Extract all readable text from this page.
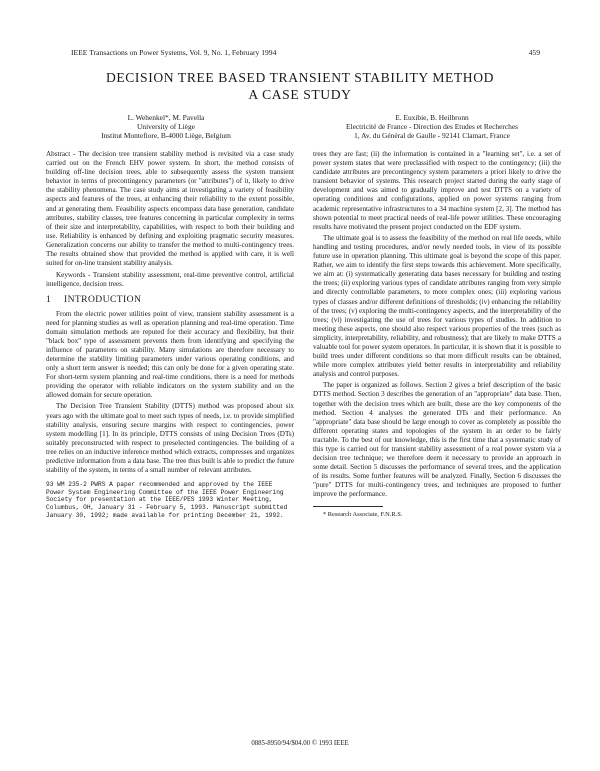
IEEE Transactions on Power Systems, Vol. 9, No. 1, February 1994	459
DECISION TREE BASED TRANSIENT STABILITY METHOD
A CASE STUDY
L. Wehenkel*, M. Pavella
University of Liège
Institut Montefiore, B-4000 Liège, Belgium
E. Euxibie, B. Heilbronn
Electricité de France - Direction des Etudes et Recherches
1, Av. du Général de Gaulle - 92141 Clamart, France

Abstract - The decision tree transient stability method is revisited via a case study carried out on the French EHV power system. In short, the method consists of building off-line decision trees, able to subsequently assess the system transient behavior in terms of precontingency parameters (or "attributes") of it, likely to drive the stability phenomena. The case study aims at investigating a variety of feasibility aspects and features of the trees, at enhancing their reliability to the extent possible, and at generating them. Feasibility aspects encompass data base generation, candidate attributes, stability classes, tree features concerning in particular complexity in terms of their size and interpretability, capabilities, with respect to both their building and use. Reliability is enhanced by defining and exploiting pragmatic security measures. Generalization concerns our ability to transfer the method to multi-contingency trees. The results obtained show that provided the method is applied with care, it is well suited for on-line transient stability analysis.

Keywords - Transient stability assessment, real-time preventive control, artificial intelligence, decision trees.

1 INTRODUCTION

From the electric power utilities point of view, transient stability assessment is a need for planning studies as well as operation planning and real-time operation. Time domain simulation methods are reputed for their accuracy and flexibility, but their "black box" type of assessment prevents them from identifying and specifying the influence of parameters on stability. Many simulations are therefore necessary to determine the stability limiting parameters under various operating conditions, and only a short term answer is needed; this can only be done for a given operating state. For short-term system planning and real-time conditions, there is a need for methods providing the operator with reliable indicators on the system stability and on the allowed domain for secure operation.

The Decision Tree Transient Stability (DTTS) method was proposed about six years ago with the ultimate goal to meet such types of needs, i.e. to provide simplified stability analysis, ensuring secure margins with respect to contingencies, power system modelling [1]. In its principle, DTTS consists of using Decision Trees (DTs) suitably preconstructed with respect to preselected contingencies. The building of a tree relies on an inductive inference method which extracts, compresses and organizes predictive information from a data base. The tree thus built is able to predict the future stability of the system, in terms of a small number of relevant attributes.

93 WM 235-2 PWRS A paper recommended and approved by the IEEE Power System Engineering Committee of the IEEE Power Engineering Society for presentation at the IEEE/PES 1993 Winter Meeting, Columbus, OH, January 31 - February 5, 1993. Manuscript submitted January 30, 1992; made available for printing December 21, 1992.

trees they are fast; (ii) the information is contained in a "learning set", i.e. a set of power system states that were preclassified with respect to the contingency; (iii) the candidate attributes are precontingency system parameters a priori likely to drive the transient behavior of systems. This research project started during the early stage of development and was aimed to gradually improve and test DTTS on a variety of operating conditions and configurations, applied on power systems ranging from academic representative infrastructures to a 34 machine system [2, 3]. The method has shown potential to meet practical needs of real-life power utilities. These encouraging results have motivated the present project conducted on the EDF system.

The ultimate goal is to assess the feasibility of the method on real life needs, while handling and testing procedures, and/or newly needed tools, in view of its possible future use in operation planning. This ultimate goal is beyond the scope of this paper. Rather, we aim to identify the first steps towards this achievement. More specifically, we aim at: (i) systematically generating data bases necessary for building and testing the trees; (ii) exploring various types of candidate attributes ranging from very simple and directly controllable parameters, to more complex ones; (iii) exploring various types of classes and/or different definitions of thresholds; (iv) enhancing the reliability of the trees; (v) exploring the multi-contingency aspects, and the interpretability of the trees; (vi) investigating the use of trees for various types of studies. In addition to meeting these aspects, one should also respect various properties of the trees (such as simplicity, interpretability, reliability, and robustness); that are likely to make DTTS a valuable tool for power system operators. In particular, it is shown that it is possible to build trees under different conditions so that more difficult results can be obtained, while more complex attributes yield better results in interpretability and reliability analysis and control purposes.

The paper is organized as follows. Section 2 gives a brief description of the basic DTTS method. Section 3 describes the generation of an "appropriate" data base. Then, together with the decision trees which are built, these are the key components of the method. Section 4 analyses the generated DTs and their performance. An "appropriate" data base should be large enough to cover as completely as possible the different operating states and topologies of the system in an order to be fairly tractable. To the best of our knowledge, this is the first time that a systematic study of this type is carried out for transient stability assessment of a real power system via a decision tree technique; we therefore deem it necessary to provide an approach in some detail. Section 5 discusses the performance of several trees, and the application of its results. Some further features will be analyzed. Finally, Section 6 discusses the "pure" DTTS for multi-contingency trees, and techniques are proposed to further improve the performance.

* Research Associate, F.N.R.S.
0885-8950/94/$04.00 © 1993 IEEE
